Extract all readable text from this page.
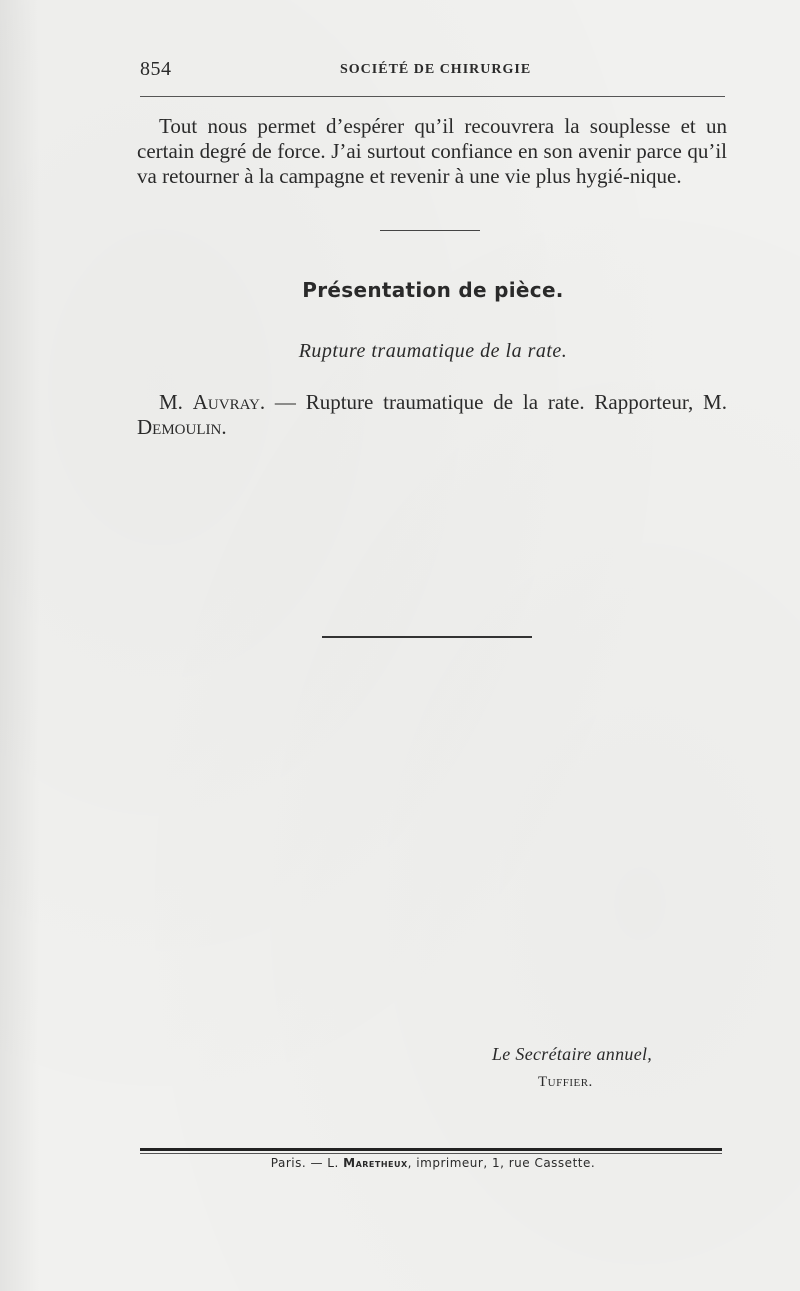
854	SOCIÉTÉ DE CHIRURGIE

Tout nous permet d’espérer qu’il recouvrera la souplesse et un certain degré de force. J’ai surtout confiance en son avenir parce qu’il va retourner à la campagne et revenir à une vie plus hygié-nique.

Présentation de pièce.
Rupture traumatique de la rate.

M. Auvray. — Rupture traumatique de la rate. Rapporteur, M. Demoulin.

Le Secrétaire annuel,
Tuffier.
Paris. — L. Maretheux, imprimeur, 1, rue Cassette.
